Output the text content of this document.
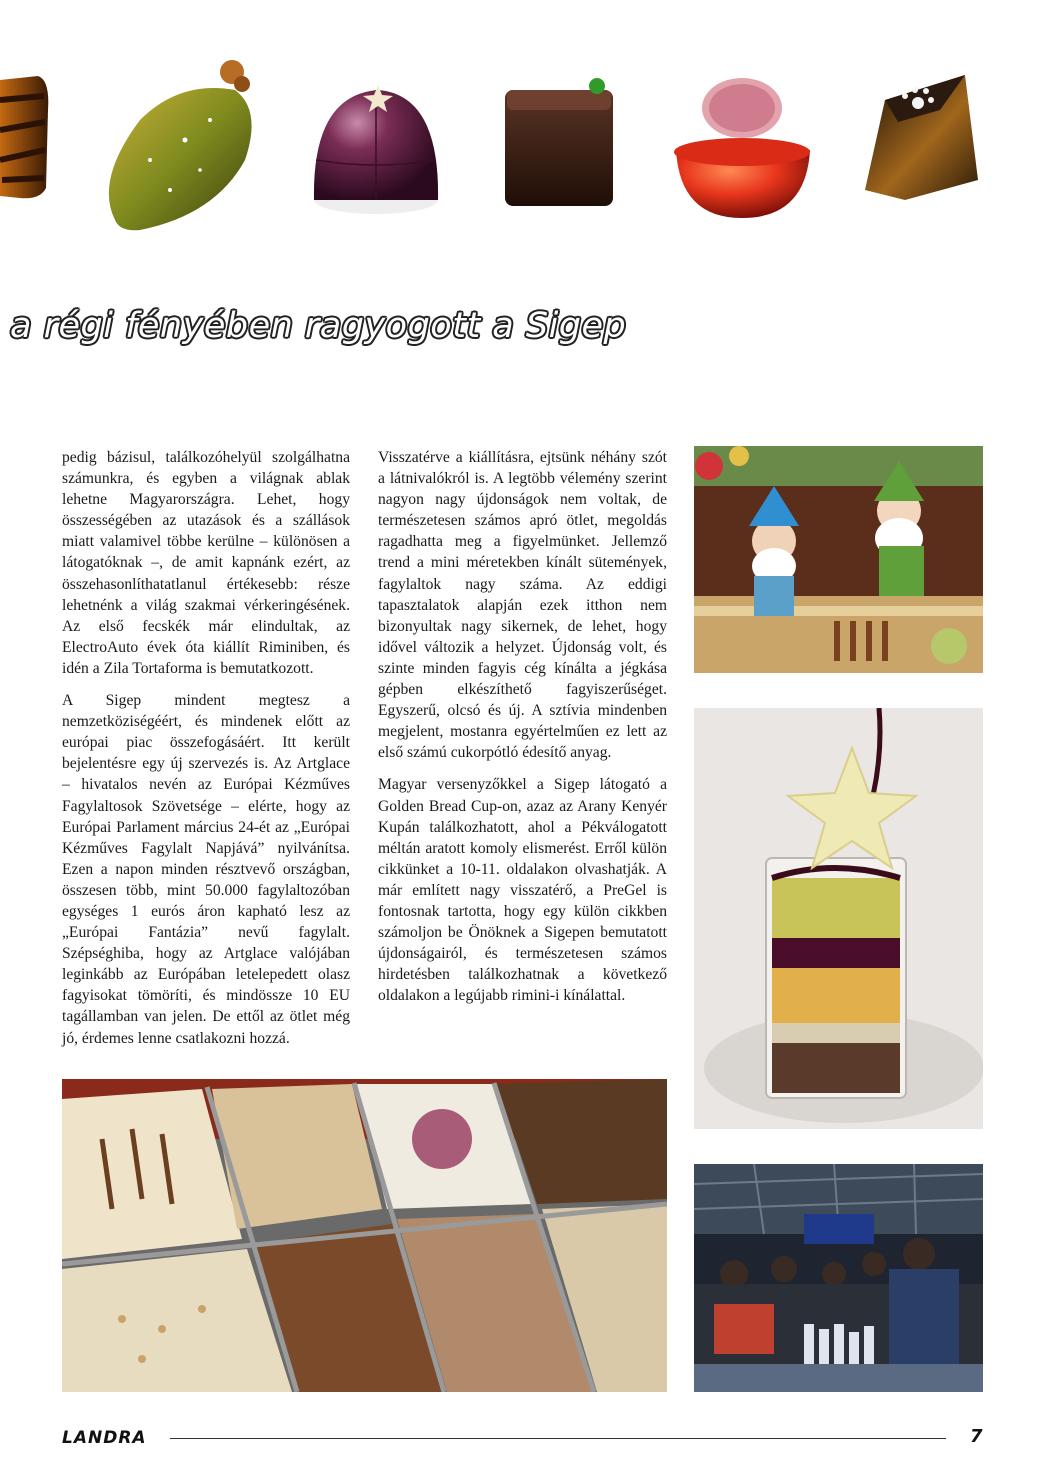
a régi fényében ragyogott a Sigep

pedig bázisul, találkozóhelyül szolgálhatna számunkra, és egyben a világnak ablak lehetne Magyarországra. Lehet, hogy összességében az utazások és a szállások miatt valamivel többe kerülne – különösen a látogatóknak –, de amit kapnánk ezért, az összehasonlíthatatlanul értékesebb: része lehetnénk a világ szakmai vérkeringésének. Az első fecskék már elindultak, az ElectroAuto évek óta kiállít Riminiben, és idén a Zila Tortaforma is bemutatkozott.

A Sigep mindent megtesz a nemzetköziségéért, és mindenek előtt az európai piac összefogásáért. Itt került bejelentésre egy új szervezés is. Az Artglace – hivatalos nevén az Európai Kézműves Fagylaltosok Szövetsége – elérte, hogy az Európai Parlament március 24-ét az „Európai Kézműves Fagylalt Napjává” nyilvánítsa. Ezen a napon minden résztvevő országban, összesen több, mint 50.000 fagylaltozóban egységes 1 eurós áron kapható lesz az „Európai Fantázia” nevű fagylalt. Szépséghiba, hogy az Artglace valójában leginkább az Európában letelepedett olasz fagyisokat tömöríti, és mindössze 10 EU tagállamban van jelen. De ettől az ötlet még jó, érdemes lenne csatlakozni hozzá.

Visszatérve a kiállításra, ejtsünk néhány szót a látnivalókról is. A legtöbb vélemény szerint nagyon nagy újdonságok nem voltak, de természetesen számos apró ötlet, megoldás ragadhatta meg a figyelmünket. Jellemző trend a mini méretekben kínált sütemények, fagylaltok nagy száma. Az eddigi tapasztalatok alapján ezek itthon nem bizonyultak nagy sikernek, de lehet, hogy idővel változik a helyzet. Újdonság volt, és szinte minden fagyis cég kínálta a jégkása gépben elkészíthető fagyiszerűséget. Egyszerű, olcsó és új. A sztívia mindenben megjelent, mostanra egyértelműen ez lett az első számú cukorpótló édesítő anyag.

Magyar versenyzőkkel a Sigep látogató a Golden Bread Cup-on, azaz az Arany Kenyér Kupán találkozhatott, ahol a Pékválogatott méltán aratott komoly elismerést. Erről külön cikkünket a 10-11. oldalakon olvashatják. A már említett nagy visszatérő, a PreGel is fontosnak tartotta, hogy egy külön cikkben számoljon be Önöknek a Sigepen bemutatott újdonságairól, és természetesen számos hirdetésben találkozhatnak a következő oldalakon a legújabb rimini-i kínálattal.

LANDRA	7
